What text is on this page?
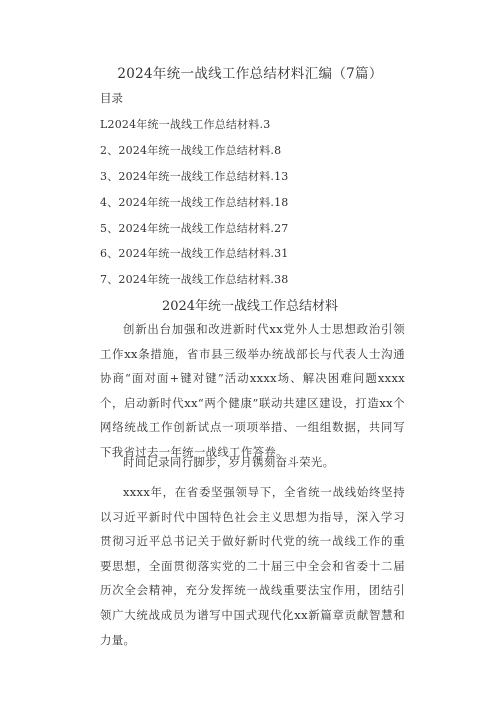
2024年统一战线工作总结材料汇编（7篇）
目录
L2024年统一战线工作总结材料.3
2、2024年统一战线工作总结材料.8
3、2024年统一战线工作总结材料.13
4、2024年统一战线工作总结材料.18
5、2024年统一战线工作总结材料.27
6、2024年统一战线工作总结材料.31
7、2024年统一战线工作总结材料.38
2024年统一战线工作总结材料

创新出台加强和改进新时代xx党外人士思想政治引领工作xx条措施，省市县三级举办统战部长与代表人士沟通协商“面对面+键对键”活动xxxx场、解决困难问题xxxx个，启动新时代xx“两个健康”联动共建区建设，打造xx个网络统战工作创新试点一项项举措、一组组数据，共同写下我省过去一年统一战线工作答卷。

时间记录同行脚步，岁月镌刻奋斗荣光。

xxxx年，在省委坚强领导下，全省统一战线始终坚持以习近平新时代中国特色社会主义思想为指导，深入学习贯彻习近平总书记关于做好新时代党的统一战线工作的重要思想，全面贯彻落实党的二十届三中全会和省委十二届历次全会精神，充分发挥统一战线重要法宝作用，团结引领广大统战成员为谱写中国式现代化xx新篇章贡献智慧和力量。
